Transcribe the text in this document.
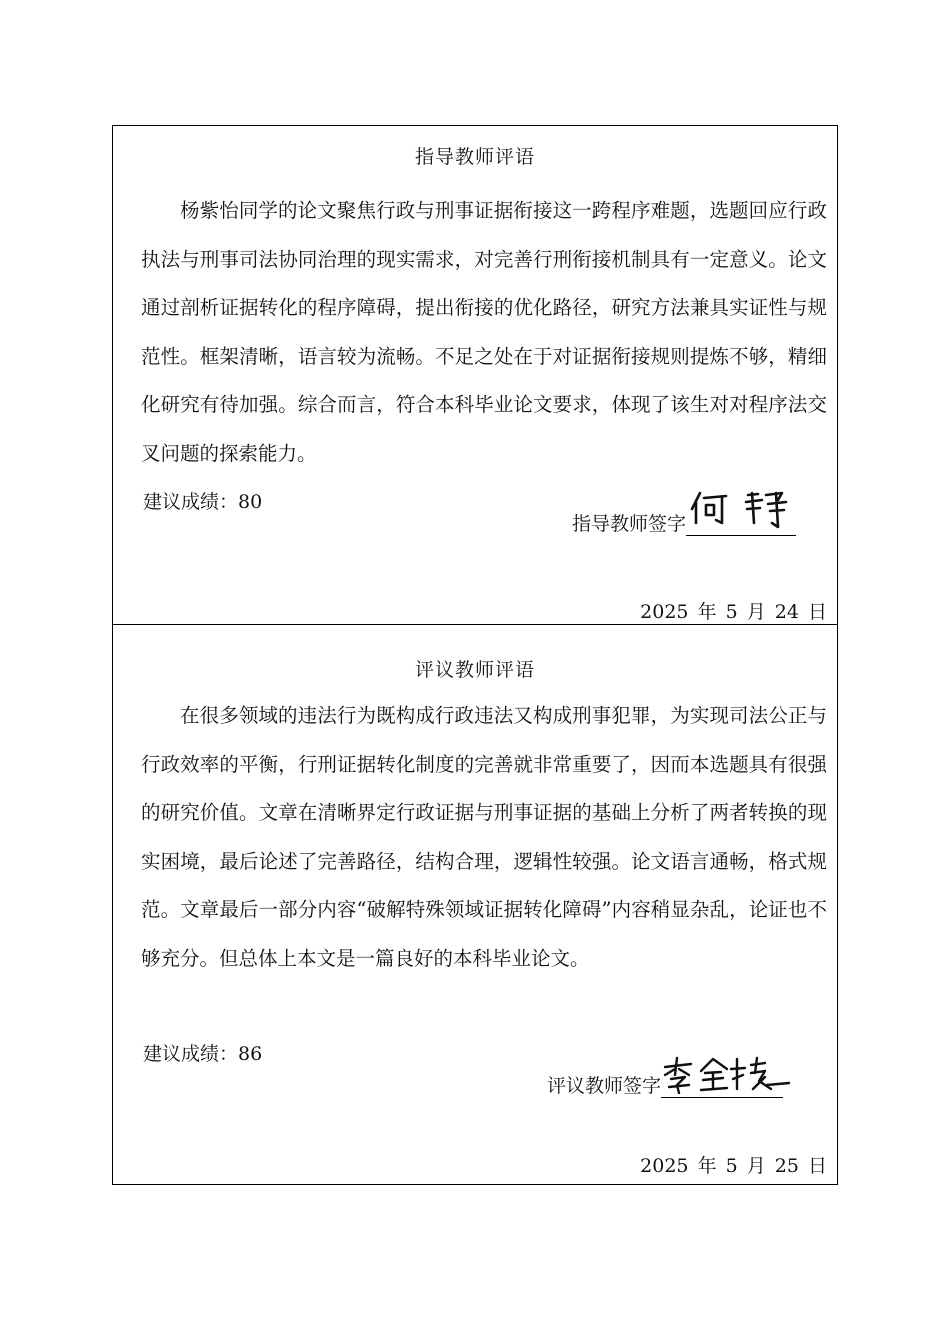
指导教师评语
杨紫怡同学的论文聚焦行政与刑事证据衔接这一跨程序难题，选题回应行政执法与刑事司法协同治理的现实需求，对完善行刑衔接机制具有一定意义。论文通过剖析证据转化的程序障碍，提出衔接的优化路径，研究方法兼具实证性与规范性。框架清晰，语言较为流畅。不足之处在于对证据衔接规则提炼不够，精细化研究有待加强。综合而言，符合本科毕业论文要求，体现了该生对对程序法交叉问题的探索能力。
建议成绩：80
指导教师签字
2025 年 5 月 24 日
评议教师评语
在很多领域的违法行为既构成行政违法又构成刑事犯罪，为实现司法公正与行政效率的平衡，行刑证据转化制度的完善就非常重要了，因而本选题具有很强的研究价值。文章在清晰界定行政证据与刑事证据的基础上分析了两者转换的现实困境，最后论述了完善路径，结构合理，逻辑性较强。论文语言通畅，格式规范。文章最后一部分内容“破解特殊领域证据转化障碍”内容稍显杂乱，论证也不够充分。但总体上本文是一篇良好的本科毕业论文。
建议成绩：86
评议教师签字
2025 年 5 月 25 日
